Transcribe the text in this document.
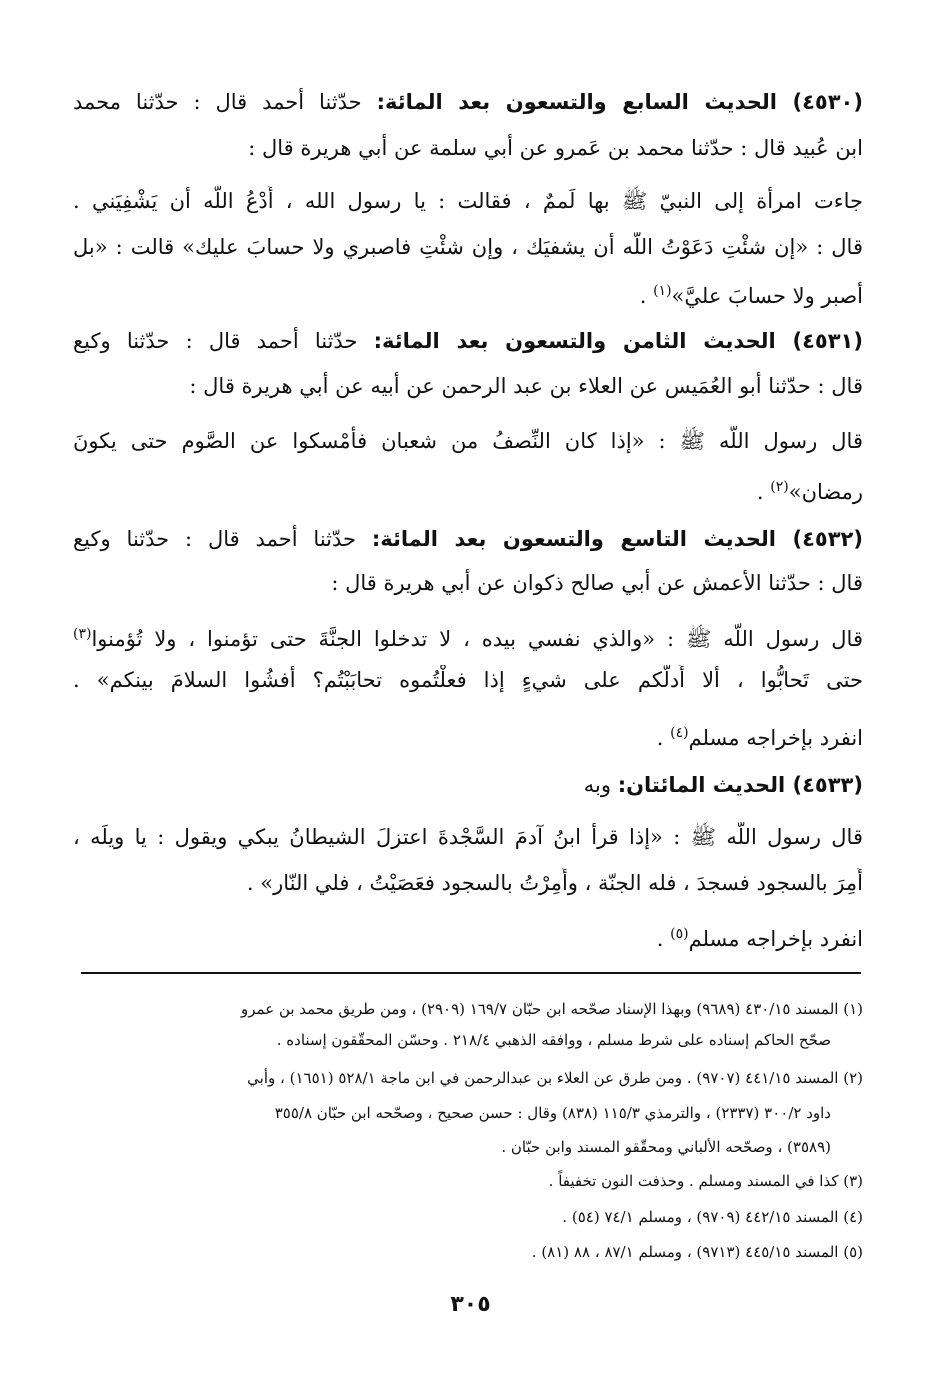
(٤٥٣٠) الحديث السابع والتسعون بعد المائة: حدّثنا أحمد قال : حدّثنا محمد
ابن عُبيد قال : حدّثنا محمد بن عَمرو عن أبي سلمة عن أبي هريرة قال :
جاءت امرأة إلى النبيّ ﷺ بها لَممٌ ، فقالت : يا رسول الله ، أُدْعُ اللّه أن يَشْفِيَني .
قال : «إن شئْتِ دَعَوْتُ اللّه أن يشفيَك ، وإن شئْتِ فاصبري ولا حسابَ عليك» قالت : «بل
أصبر ولا حسابَ عليَّ»$^{(١)}$ .
(٤٥٣١) الحديث الثامن والتسعون بعد المائة: حدّثنا أحمد قال : حدّثنا وكيع
قال : حدّثنا أبو العُمَيس عن العلاء بن عبد الرحمن عن أبيه عن أبي هريرة قال :
قال رسول اللّه ﷺ : «إذا كان النِّصفُ من شعبان فأَمْسكوا عن الصَّوم حتى يكونَ
رمضان»$^{(٢)}$ .
(٤٥٣٢) الحديث التاسع والتسعون بعد المائة: حدّثنا أحمد قال : حدّثنا وكيع
قال : حدّثنا الأعمش عن أبي صالح ذكوان عن أبي هريرة قال :
قال رسول اللّه ﷺ : «والذي نفسي بيده ، لا تدخلوا الجنَّةَ حتى تؤمنوا ، ولا تُؤمنوا$^{(٣)}$
حتى تَحابُّوا ، ألا أُدلُّكم على شيءٍ إذا فعلْتُموه تحابَبْتُم؟ أفشُوا السلامَ بينكم» .
انفرد بإخراجه مسلم$^{(٤)}$ .
(٤٥٣٣) الحديث المائتان: وبه
قال رسول اللّه ﷺ : «إذا قرأ ابنُ آدمَ السَّجْدةَ اعتزلَ الشيطانُ يبكي ويقول : يا ويلَه ،
أُمِرَ بالسجود فسجدَ ، فله الجنّة ، وأُمِرْتُ بالسجود فعَصَيْتُ ، فلي النّار» .
انفرد بإخراجه مسلم$^{(٥)}$ .
(١) المسند ٤٣٠/١٥ (٩٦٨٩) وبهذا الإسناد صحّحه ابن حبّان ١٦٩/٧ (٢٩٠٩) ، ومن طريق محمد بن عمرو
صحّح الحاكم إسناده على شرط مسلم ، ووافقه الذهبي ٢١٨/٤ . وحسّن المحقّقون إسناده .
(٢) المسند ٤٤١/١٥ (٩٧٠٧) . ومن طرق عن العلاء بن عبدالرحمن في ابن ماجة ٥٢٨/١ (١٦٥١) ، وأبي
داود ٣٠٠/٢ (٢٣٣٧) ، والترمذي ١١٥/٣ (٨٣٨) وقال : حسن صحيح ، وصحّحه ابن حبّان ٣٥٥/٨
(٣٥٨٩) ، وصحّحه الألباني ومحقّقو المسند وابن حبّان .
(٣) كذا في المسند ومسلم . وحذفت النون تخفيفاً .
(٤) المسند ٤٤٢/١٥ (٩٧٠٩) ، ومسلم ٧٤/١ (٥٤) .
(٥) المسند ٤٤٥/١٥ (٩٧١٣) ، ومسلم ٨٧/١ ، ٨٨ (٨١) .
٣٠٥
